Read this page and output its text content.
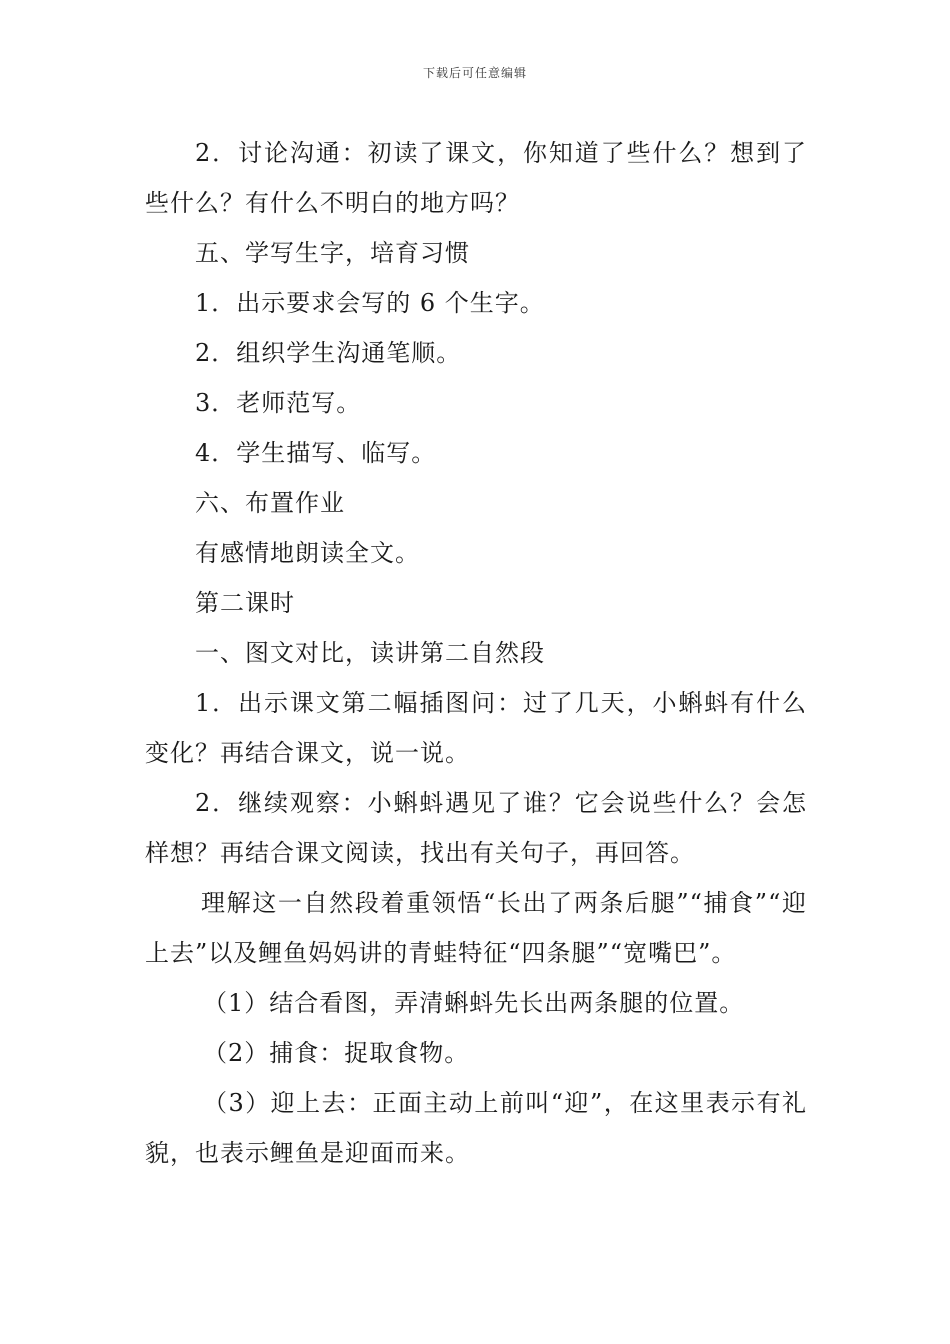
下载后可任意编辑

2．讨论沟通：初读了课文，你知道了些什么？想到了些什么？有什么不明白的地方吗？

五、学写生字，培育习惯

1．出示要求会写的 6 个生字。

2．组织学生沟通笔顺。

3．老师范写。

4．学生描写、临写。

六、布置作业

有感情地朗读全文。

第二课时

一、图文对比，读讲第二自然段

1．出示课文第二幅插图问：过了几天，小蝌蚪有什么变化？再结合课文，说一说。

2．继续观察：小蝌蚪遇见了谁？它会说些什么？会怎样想？再结合课文阅读，找出有关句子，再回答。

理解这一自然段着重领悟“长出了两条后腿”“捕食”“迎上去”以及鲤鱼妈妈讲的青蛙特征“四条腿”“宽嘴巴”。

（1）结合看图，弄清蝌蚪先长出两条腿的位置。

（2）捕食：捉取食物。

（3）迎上去：正面主动上前叫“迎”，在这里表示有礼貌，也表示鲤鱼是迎面而来。
